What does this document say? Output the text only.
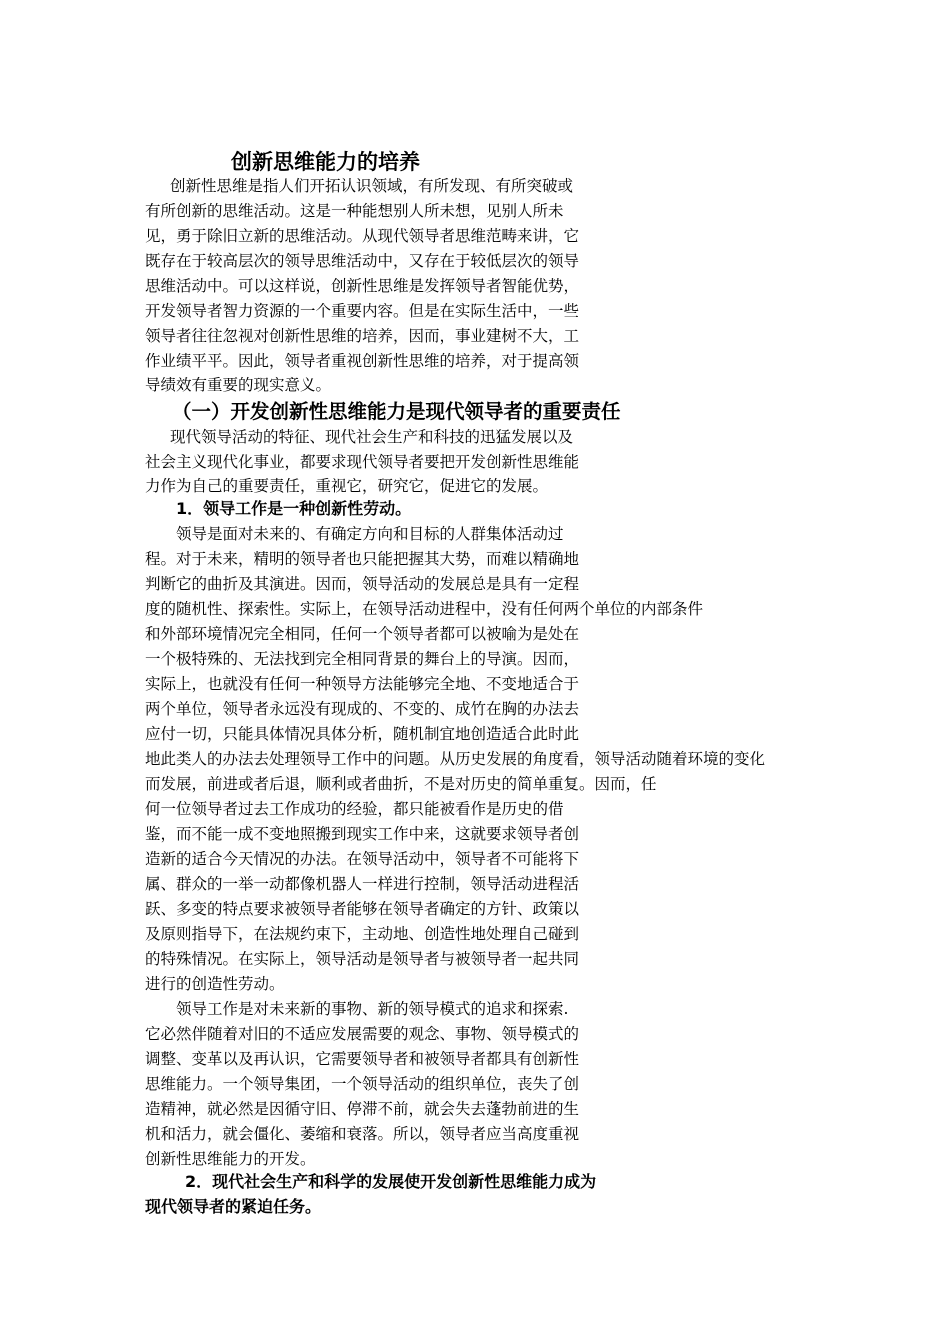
创新思维能力的培养
创新性思维是指人们开拓认识领域，有所发现、有所突破或
有所创新的思维活动。这是一种能想别人所未想，见别人所未
见，勇于除旧立新的思维活动。从现代领导者思维范畴来讲，它
既存在于较高层次的领导思维活动中，又存在于较低层次的领导
思维活动中。可以这样说，创新性思维是发挥领导者智能优势，
开发领导者智力资源的一个重要内容。但是在实际生活中，一些
领导者往往忽视对创新性思维的培养，因而，事业建树不大，工
作业绩平平。因此，领导者重视创新性思维的培养，对于提高领
导绩效有重要的现实意义。
（一）开发创新性思维能力是现代领导者的重要责任
现代领导活动的特征、现代社会生产和科技的迅猛发展以及
社会主义现代化事业，都要求现代领导者要把开发创新性思维能
力作为自己的重要责任，重视它，研究它，促进它的发展。
1．领导工作是一种创新性劳动。
领导是面对未来的、有确定方向和目标的人群集体活动过
程。对于未来，精明的领导者也只能把握其大势，而难以精确地
判断它的曲折及其演进。因而，领导活动的发展总是具有一定程
度的随机性、探索性。实际上，在领导活动进程中，没有任何两个单位的内部条件
和外部环境情况完全相同，任何一个领导者都可以被喻为是处在
一个极特殊的、无法找到完全相同背景的舞台上的导演。因而，
实际上，也就没有任何一种领导方法能够完全地、不变地适合于
两个单位，领导者永远没有现成的、不变的、成竹在胸的办法去
应付一切，只能具体情况具体分析，随机制宜地创造适合此时此
地此类人的办法去处理领导工作中的问题。从历史发展的角度看，领导活动随着环境的变化
而发展，前进或者后退，顺利或者曲折，不是对历史的简单重复。因而，任
何一位领导者过去工作成功的经验，都只能被看作是历史的借
鉴，而不能一成不变地照搬到现实工作中来，这就要求领导者创
造新的适合今天情况的办法。在领导活动中，领导者不可能将下
属、群众的一举一动都像机器人一样进行控制，领导活动进程活
跃、多变的特点要求被领导者能够在领导者确定的方针、政策以
及原则指导下，在法规约束下，主动地、创造性地处理自己碰到
的特殊情况。在实际上，领导活动是领导者与被领导者一起共同
进行的创造性劳动。
领导工作是对未来新的事物、新的领导模式的追求和探索.
它必然伴随着对旧的不适应发展需要的观念、事物、领导模式的
调整、变革以及再认识，它需要领导者和被领导者都具有创新性
思维能力。一个领导集团，一个领导活动的组织单位，丧失了创
造精神，就必然是因循守旧、停滞不前，就会失去蓬勃前进的生
机和活力，就会僵化、萎缩和衰落。所以，领导者应当高度重视
创新性思维能力的开发。
2．现代社会生产和科学的发展使开发创新性思维能力成为
现代领导者的紧迫任务。
